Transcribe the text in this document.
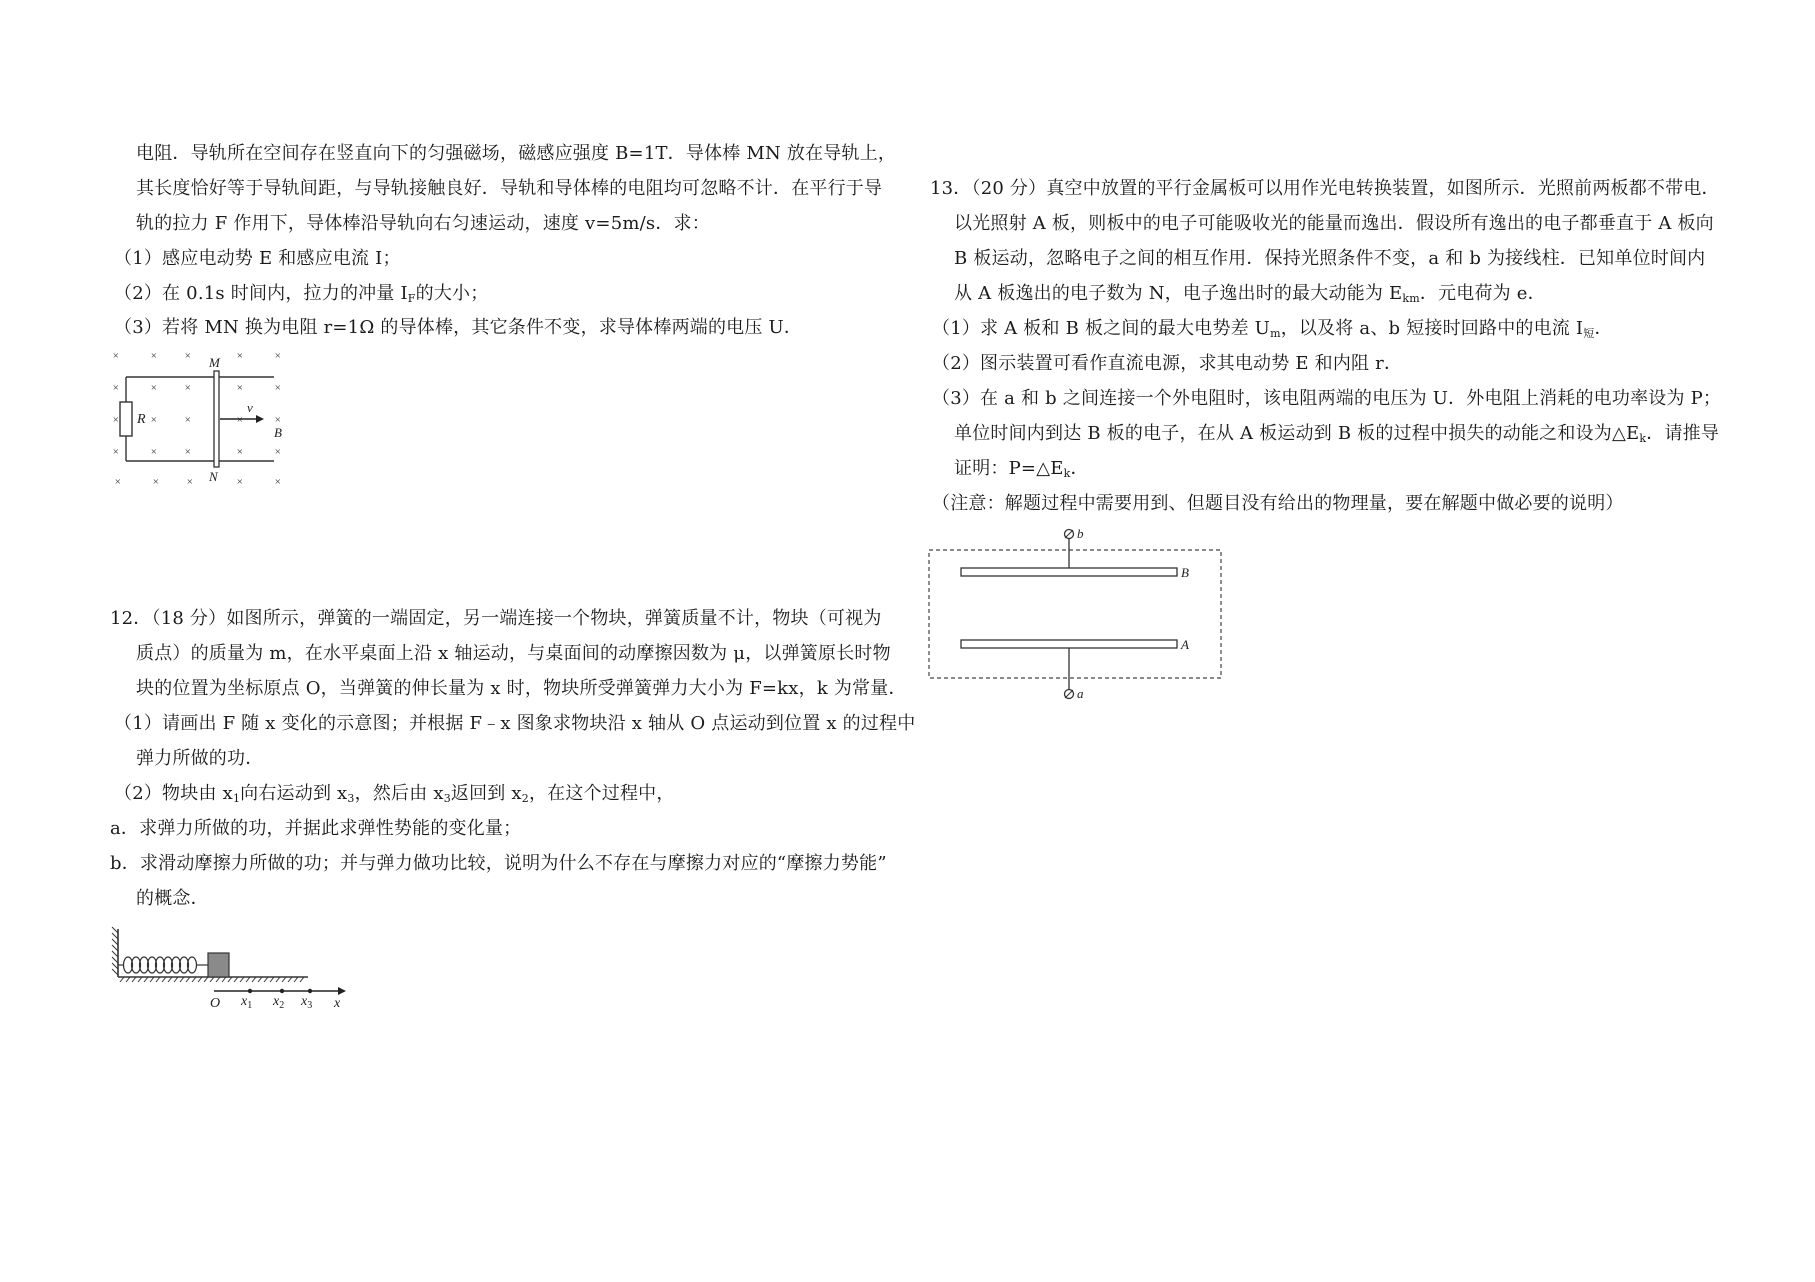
电阻．导轨所在空间存在竖直向下的匀强磁场，磁感应强度 B=1T．导体棒 MN 放在导轨上，
其长度恰好等于导轨间距，与导轨接触良好．导轨和导体棒的电阻均可忽略不计．在平行于导
轨的拉力 F 作用下，导体棒沿导轨向右匀速运动，速度 v=5m/s．求：
（1）感应电动势 E 和感应电流 I；
（2）在 0.1s 时间内，拉力的冲量 $I_F$的大小；
（3）若将 MN 换为电阻 r=1Ω 的导体棒，其它条件不变，求导体棒两端的电压 U．
×	× ×	×	×
×	× ×	×	×
×	× ×	×	×
×	× ×	×	×
×	× ×	×	×
R
M
N
v
B
12．（18 分）如图所示，弹簧的一端固定，另一端连接一个物块，弹簧质量不计，物块（可视为
质点）的质量为 m，在水平桌面上沿 x 轴运动，与桌面间的动摩擦因数为 μ，以弹簧原长时物
块的位置为坐标原点 O，当弹簧的伸长量为 x 时，物块所受弹簧弹力大小为 F=kx，k 为常量．
（1）请画出 F 随 x 变化的示意图；并根据 F﹣x 图象求物块沿 x 轴从 O 点运动到位置 x 的过程中
弹力所做的功．
（2）物块由 $x_1$向右运动到 $x_3$，然后由 $x_3$返回到 $x_2$，在这个过程中，
a．求弹力所做的功，并据此求弹性势能的变化量；
b．求滑动摩擦力所做的功；并与弹力做功比较，说明为什么不存在与摩擦力对应的“摩擦力势能”
的概念．
O $x_1$ $x_2$ $x_3$ x
13．（20 分）真空中放置的平行金属板可以用作光电转换装置，如图所示．光照前两板都不带电．
以光照射 A 板，则板中的电子可能吸收光的能量而逸出．假设所有逸出的电子都垂直于 A 板向
B 板运动，忽略电子之间的相互作用．保持光照条件不变，a 和 b 为接线柱．已知单位时间内
从 A 板逸出的电子数为 N，电子逸出时的最大动能为 $E_{km}$．元电荷为 e．
（1）求 A 板和 B 板之间的最大电势差 $U_m$，以及将 a、b 短接时回路中的电流 $I_短$．
（2）图示装置可看作直流电源，求其电动势 E 和内阻 r．
（3）在 a 和 b 之间连接一个外电阻时，该电阻两端的电压为 U．外电阻上消耗的电功率设为 P；
单位时间内到达 B 板的电子，在从 A 板运动到 B 板的过程中损失的动能之和设为$\triangle E_k$．请推导
证明：$P=\triangle E_k$．
（注意：解题过程中需要用到、但题目没有给出的物理量，要在解题中做必要的说明）
b
a
B
A
